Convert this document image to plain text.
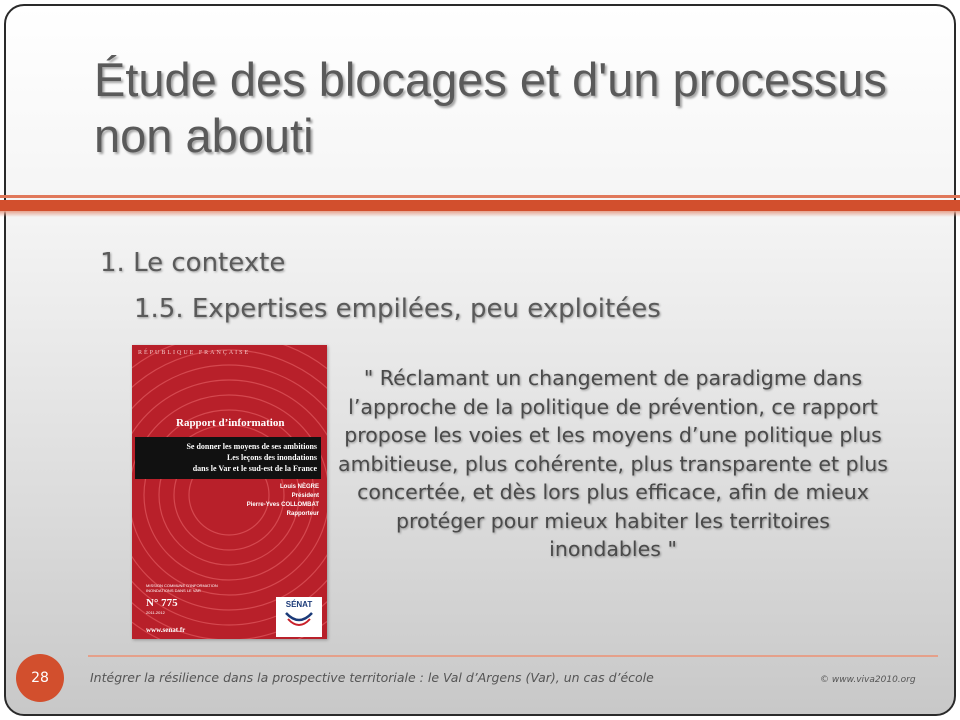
Étude des blocages et d'un processus non abouti
1. Le contexte
1.5. Expertises empilées, peu exploitées
RÉPUBLIQUE FRANÇAISE
Rapport d’information
Se donner les moyens de ses ambitions
Les leçons des inondations
dans le Var et le sud-est de la France
Louis NÈGRE
Président
Pierre-Yves COLLOMBAT
Rapporteur
MISSION COMMUNE D’INFORMATION INONDATIONS DANS LE VAR
N° 775
2011-2012
www.senat.fr
SÉNAT
" Réclamant un changement de paradigme dans l’approche de la politique de prévention, ce rapport propose les voies et les moyens d’une politique plus ambitieuse, plus cohérente, plus transparente et plus concertée, et dès lors plus efficace, afin de mieux protéger pour mieux habiter les territoires inondables "
28	Intégrer la résilience dans la prospective territoriale : le Val d’Argens (Var), un cas d’école	© www.viva2010.org
